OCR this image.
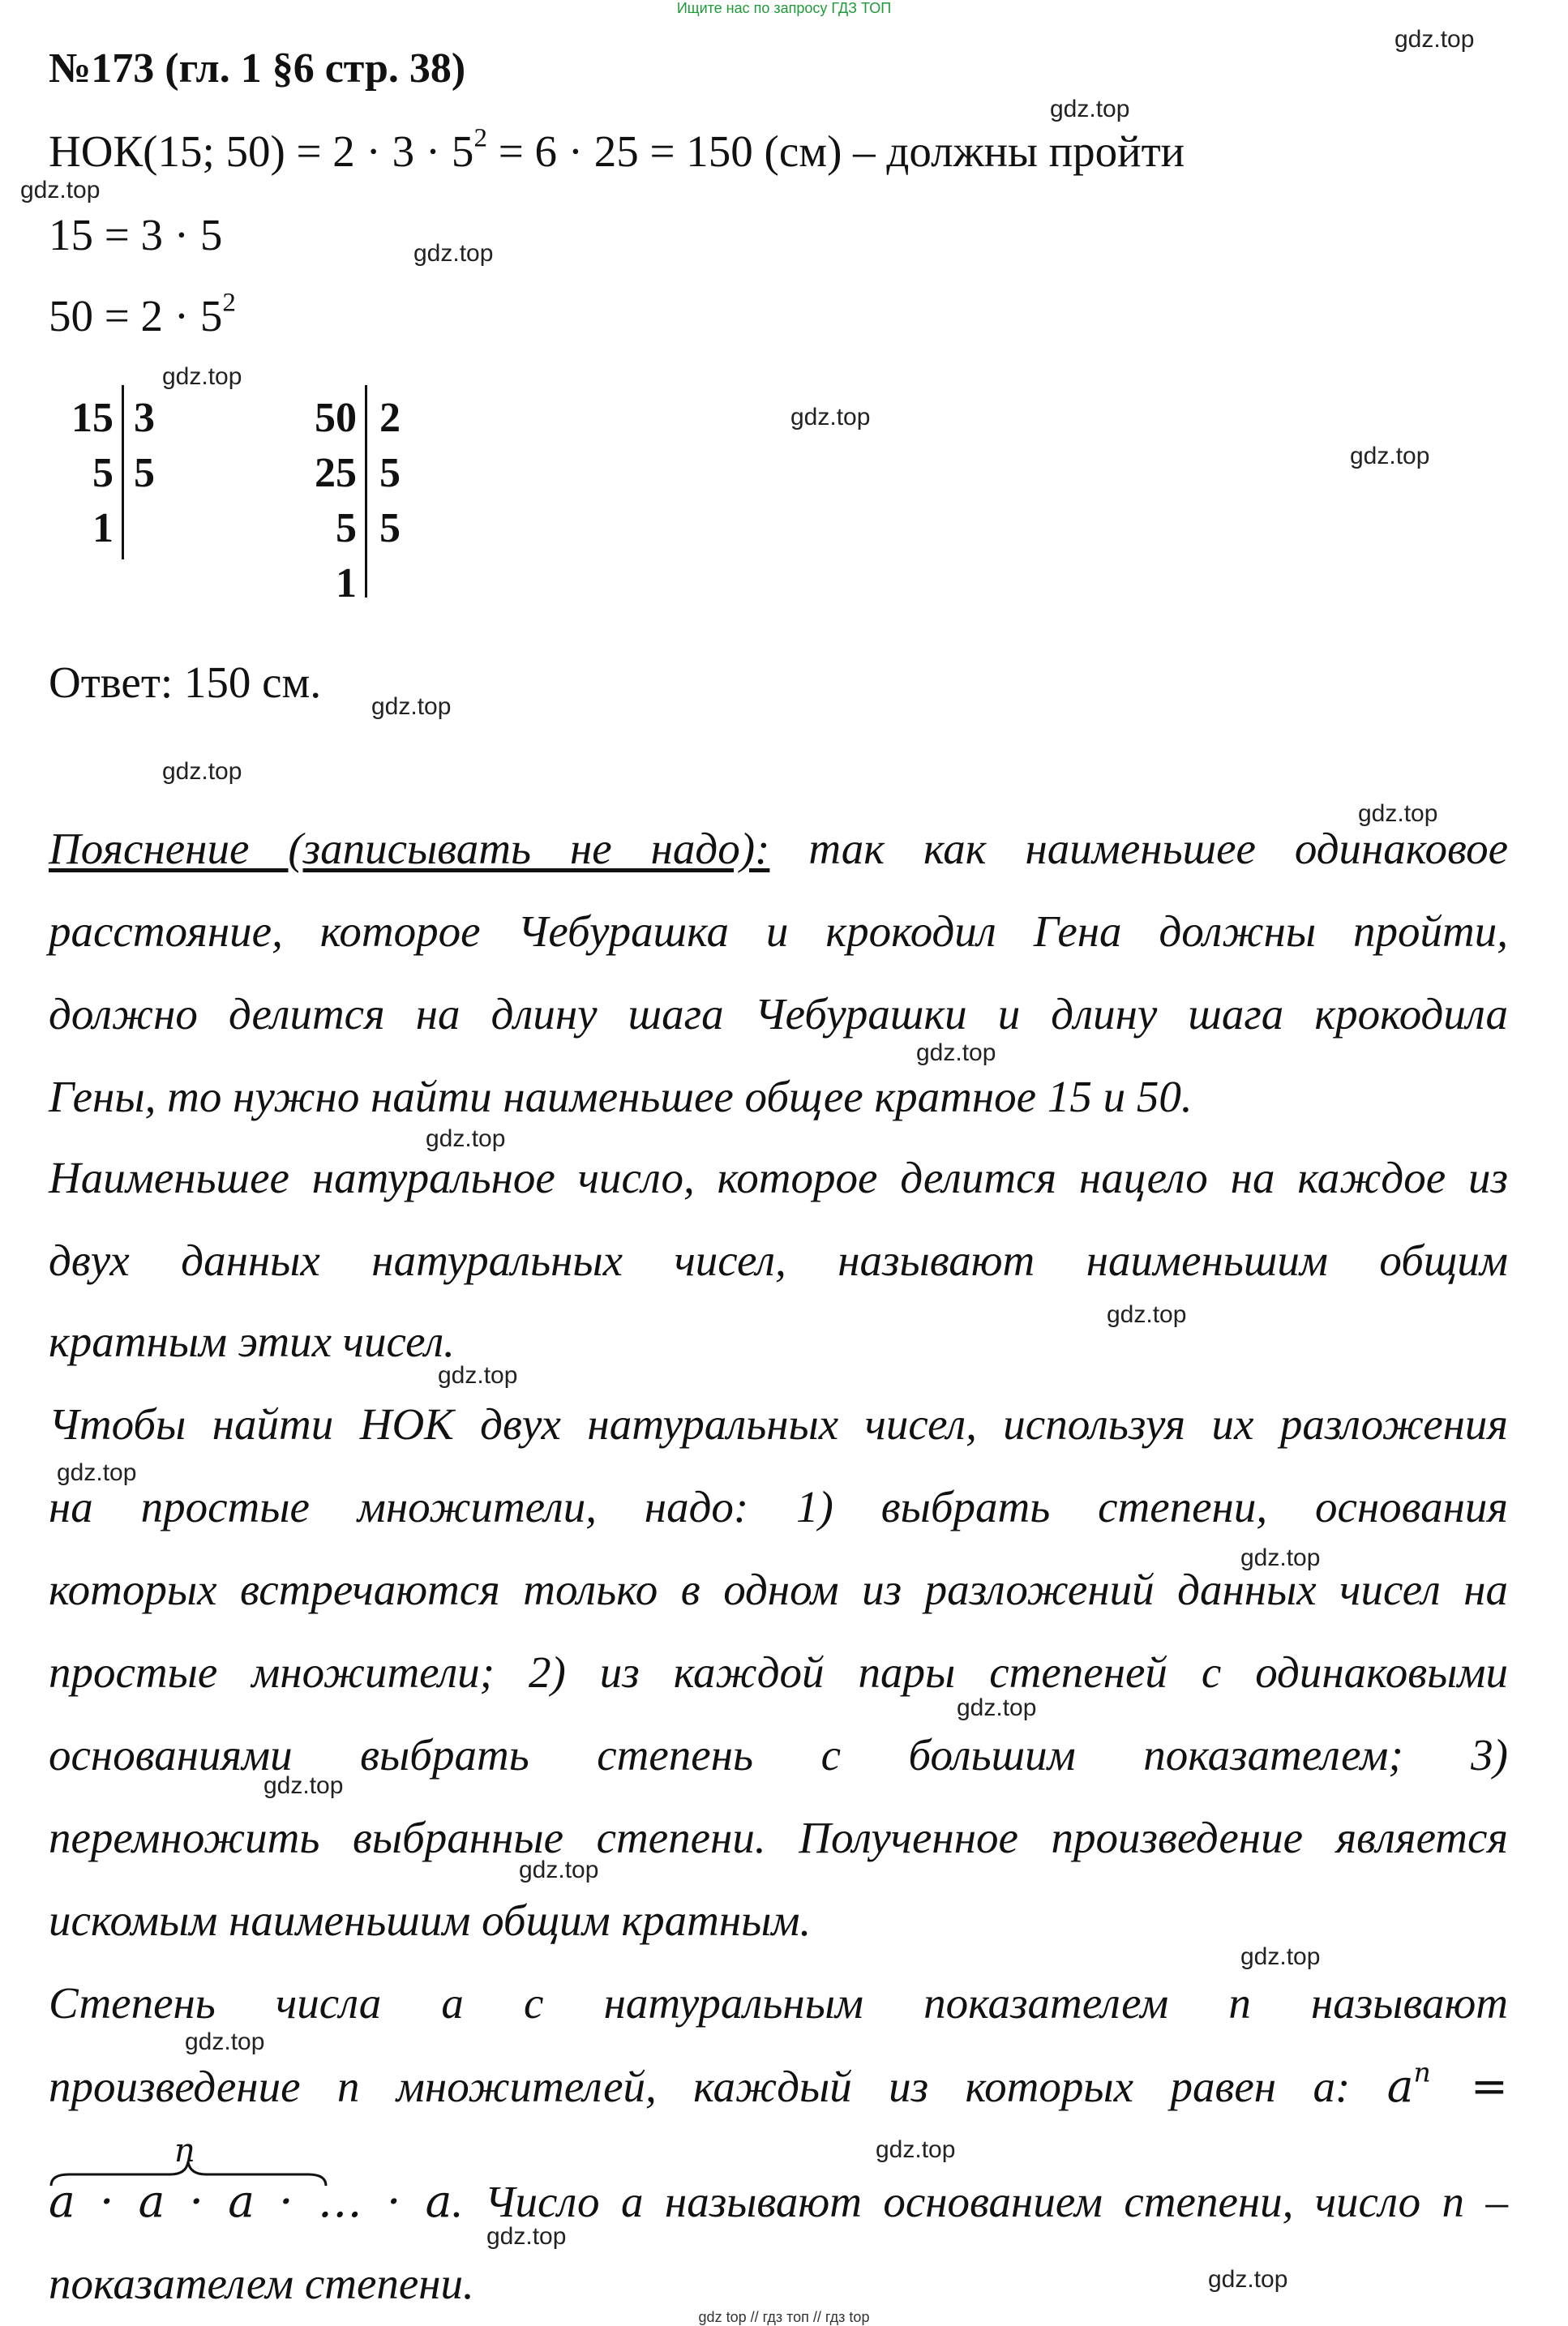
Ищите нас по запросу ГДЗ ТОП
№173 (гл. 1 §6 стр. 38)
НОК(15; $50) = 2 \cdot 3 \cdot 5^2 = 6 \cdot 25 = 150$ (см) – должны пройти
15 = 3 · 5
$50 = 2 \cdot 5^2$
15
5
1
3
5
50
25
5
1
2
5
5
Ответ: 150 см.
Пояснение (записывать не надо): так как наименьшее одинаковое
расстояние, которое Чебурашка и крокодил Гена должны пройти,
должно делится на длину шага Чебурашки и длину шага крокодила
Гены, то нужно найти наименьшее общее кратное 15 и 50.
Наименьшее натуральное число, которое делится нацело на каждое из
двух данных натуральных чисел, называют наименьшим общим
кратным этих чисел.
Чтобы найти НОК двух натуральных чисел, используя их разложения
на простые множители, надо: 1) выбрать степени, основания
которых встречаются только в одном из разложений данных чисел на
простые множители; 2) из каждой пары степеней с одинаковыми
основаниями выбрать степень с большим показателем; 3)
перемножить выбранные степени. Полученное произведение является
искомым наименьшим общим кратным.
Степень числа a с натуральным показателем n называют
произведение n множителей, каждый из которых равен a: $a^n$ =
n
a · a · a · … · a. Число a называют основанием степени, число n –
показателем степени.
gdz.top
gdz.top
gdz.top
gdz.top
gdz.top
gdz.top
gdz.top
gdz.top
gdz.top
gdz.top
gdz.top
gdz.top
gdz.top
gdz.top
gdz.top
gdz.top
gdz.top
gdz.top
gdz.top
gdz.top
gdz.top
gdz.top
gdz.top
gdz.top
gdz top // гдз топ // гдз top
